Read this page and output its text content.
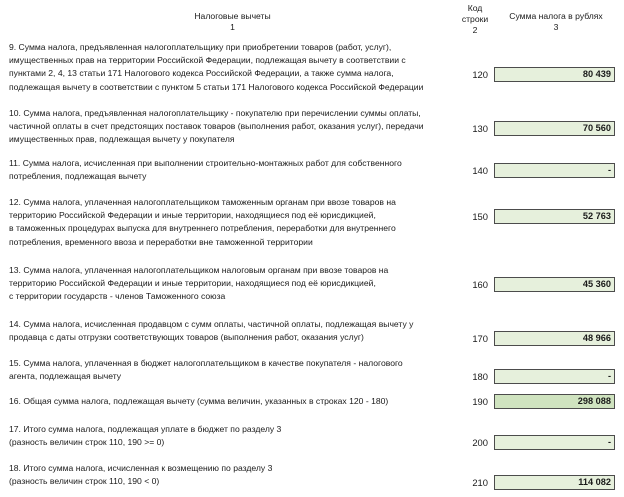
Налоговые вычеты
1
Код
строки
2
Сумма налога в рублях
3
9. Сумма налога, предъявленная налогоплательщику при приобретении товаров (работ, услуг),
имущественных прав на территории Российской Федерации, подлежащая вычету в соответствии с
пунктами 2, 4, 13 статьи 171 Налогового кодекса Российской Федерации, а также сумма налога,
подлежащая вычету в соответствии с пунктом 5 статьи 171 Налогового кодекса Российской Федерации
120	80 439
10. Сумма налога, предъявленная налогоплательщику - покупателю при перечислении суммы оплаты,
частичной оплаты в счет предстоящих поставок товаров (выполнения работ, оказания услуг), передачи
имущественных прав, подлежащая вычету у покупателя
130	70 560
11. Сумма налога, исчисленная при выполнении строительно-монтажных работ для собственного
потребления, подлежащая вычету
140	-
12. Сумма налога, уплаченная налогоплательщиком таможенным органам при ввозе товаров на
территорию Российской Федерации и иные территории, находящиеся под её юрисдикцией,
в таможенных процедурах выпуска для внутреннего потребления, переработки для внутреннего
потребления, временного ввоза и переработки вне таможенной территории
150	52 763
13. Сумма налога, уплаченная налогоплательщиком налоговым органам при ввозе товаров на
территорию Российской Федерации и иные территории, находящиеся под её юрисдикцией,
с территории государств - членов Таможенного союза
160	45 360
14. Сумма налога, исчисленная продавцом с сумм оплаты, частичной оплаты, подлежащая вычету у
продавца с даты отгрузки соответствующих товаров (выполнения работ, оказания услуг)	170	48 966
15. Сумма налога, уплаченная в бюджет налогоплательщиком в качестве покупателя - налогового
агента, подлежащая вычету	180	-
16. Общая сумма налога, подлежащая вычету (сумма величин, указанных в строках 120 - 180)	190	298 088
17. Итого сумма налога, подлежащая уплате в бюджет по разделу 3
(разность величин строк 110, 190 >= 0)	200	-
18. Итого сумма налога, исчисленная к возмещению по разделу 3
(разность величин строк 110, 190 < 0)	210	114 082
